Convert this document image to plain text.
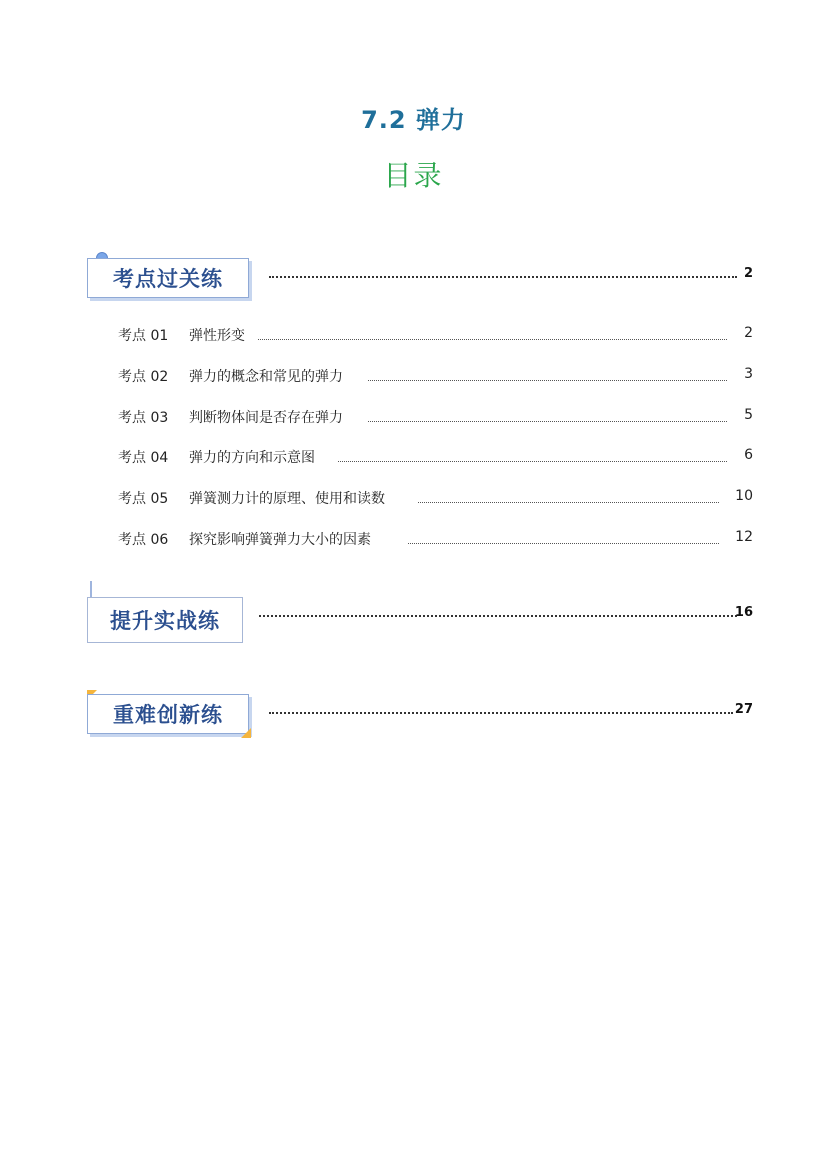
7.2 弹力
目录
考点过关练	2
考点 01 弹性形变	2
考点 02 弹力的概念和常见的弹力	3
考点 03 判断物体间是否存在弹力	5
考点 04 弹力的方向和示意图	6
考点 05 弹簧测力计的原理、使用和读数	10
考点 06 探究影响弹簧弹力大小的因素	12
提升实战练	16
重难创新练	27
